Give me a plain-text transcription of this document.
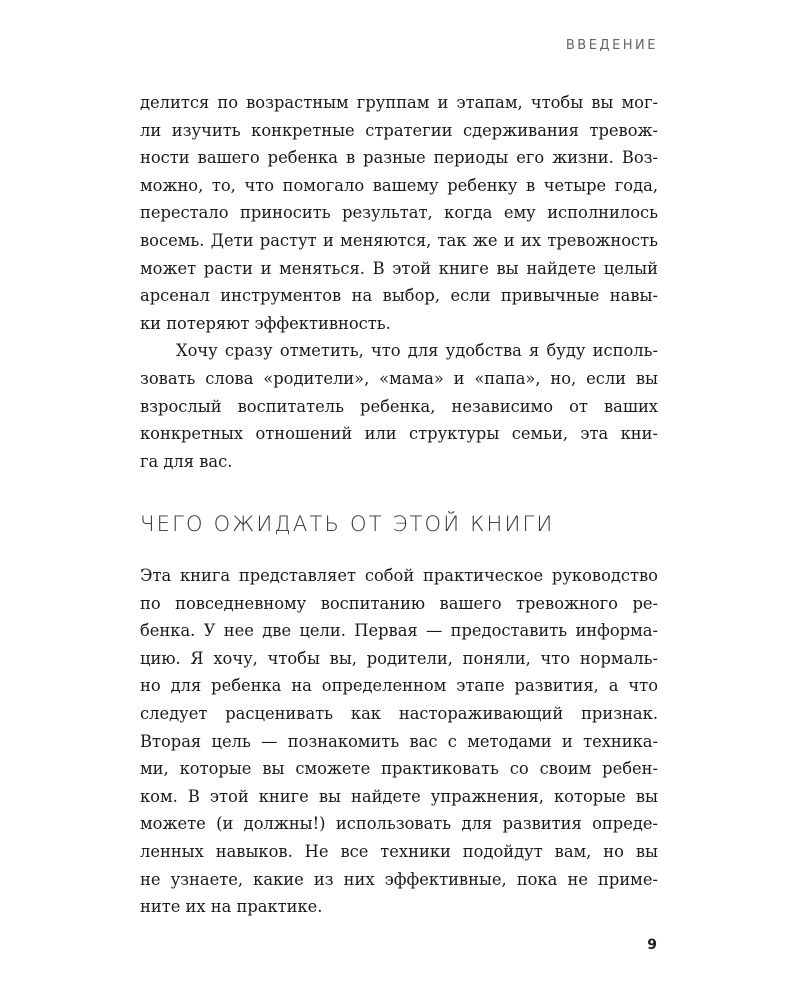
ВВЕДЕНИЕ
делится по возрастным группам и этапам, чтобы вы мог-
ли изучить конкретные стратегии сдерживания тревож-
ности вашего ребенка в разные периоды его жизни. Воз-
можно, то, что помогало вашему ребенку в четыре года,
перестало приносить результат, когда ему исполнилось
восемь. Дети растут и меняются, так же и их тревожность
может расти и меняться. В этой книге вы найдете целый
арсенал инструментов на выбор, если привычные навы-
ки потеряют эффективность.
Хочу сразу отметить, что для удобства я буду исполь-
зовать слова «родители», «мама» и «папа», но, если вы
взрослый воспитатель ребенка, независимо от ваших
конкретных отношений или структуры семьи, эта кни-
га для вас.
ЧЕГО ОЖИДАТЬ ОТ ЭТОЙ КНИГИ
Эта книга представляет собой практическое руководство
по повседневному воспитанию вашего тревожного ре-
бенка. У нее две цели. Первая — предоставить информа-
цию. Я хочу, чтобы вы, родители, поняли, что нормаль-
но для ребенка на определенном этапе развития, а что
следует расценивать как настораживающий признак.
Вторая цель — познакомить вас с методами и техника-
ми, которые вы сможете практиковать со своим ребен-
ком. В этой книге вы найдете упражнения, которые вы
можете (и должны!) использовать для развития опреде-
ленных навыков. Не все техники подойдут вам, но вы
не узнаете, какие из них эффективные, пока не приме-
ните их на практике.
9
